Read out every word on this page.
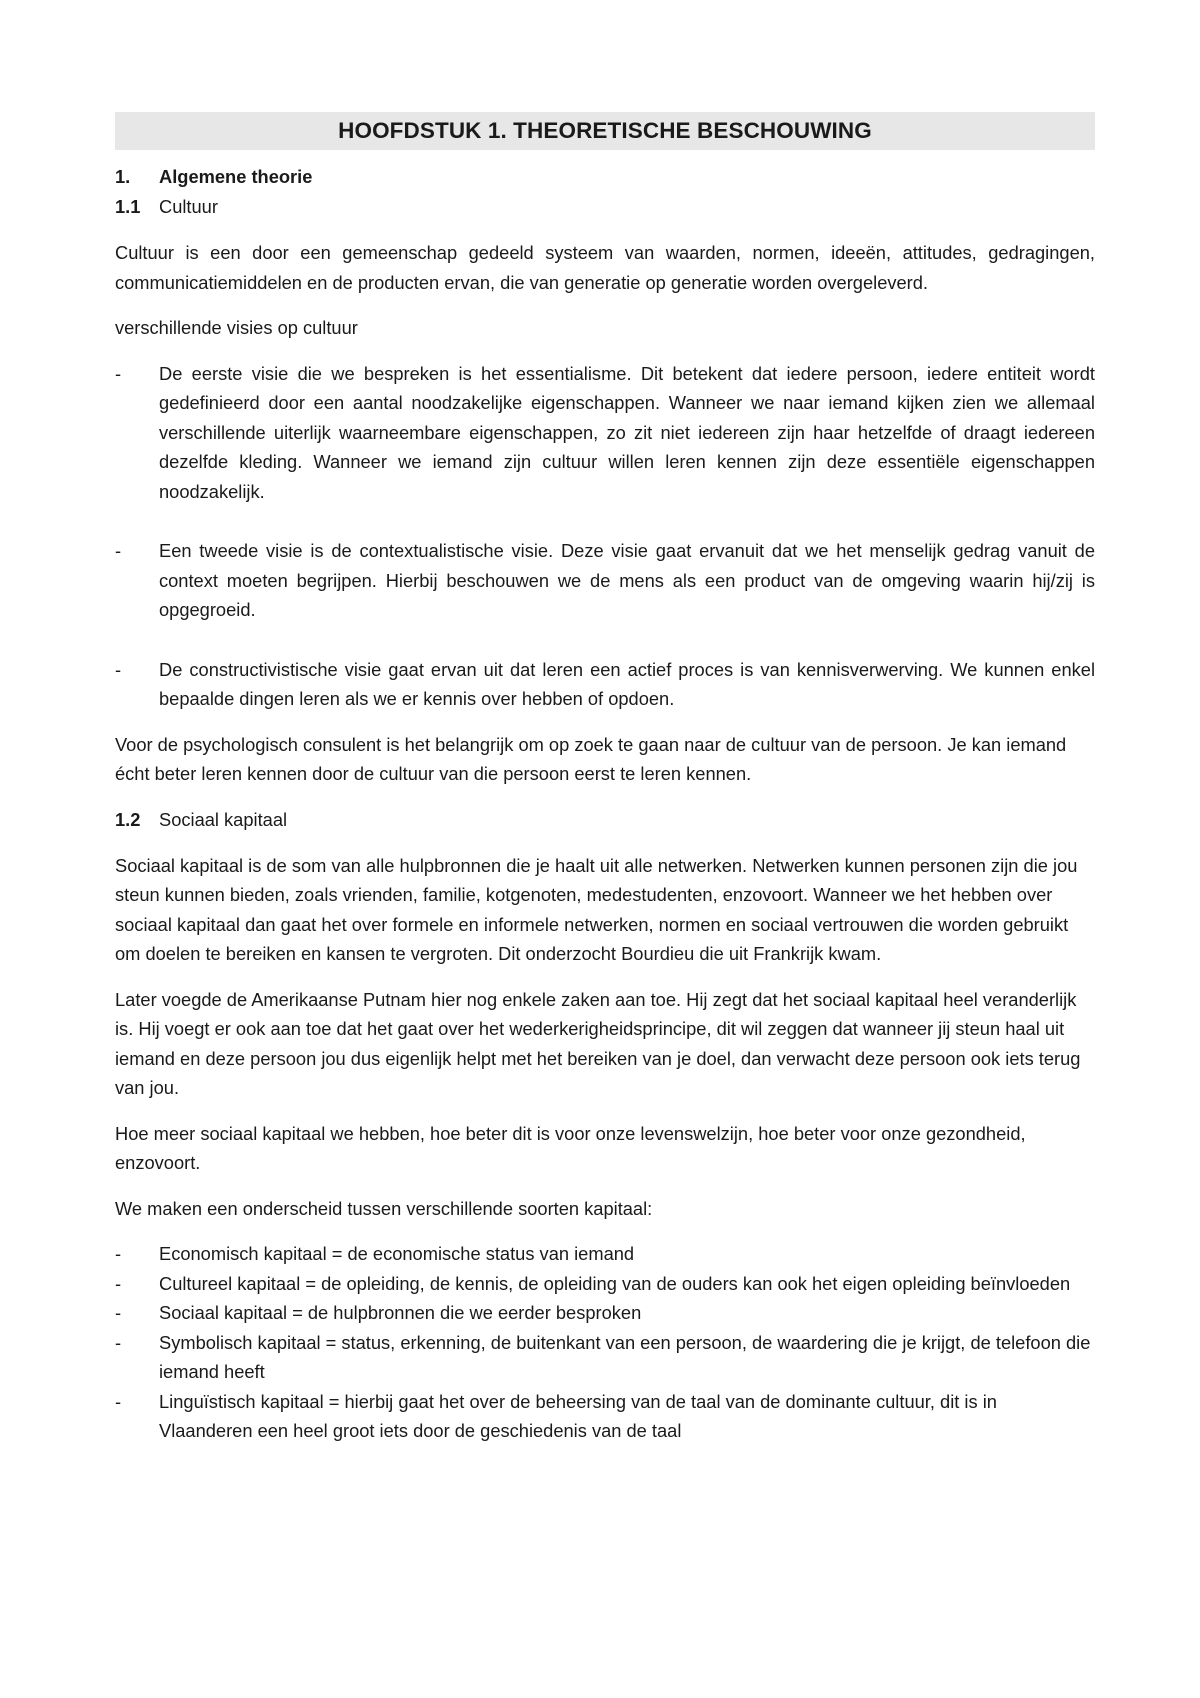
HOOFDSTUK 1. THEORETISCHE BESCHOUWING
1. Algemene theorie
1.1 Cultuur

Cultuur is een door een gemeenschap gedeeld systeem van waarden, normen, ideeën, attitudes, gedragingen, communicatiemiddelen en de producten ervan, die van generatie op generatie worden overgeleverd.

verschillende visies op cultuur

- De eerste visie die we bespreken is het essentialisme. Dit betekent dat iedere persoon, iedere entiteit wordt gedefinieerd door een aantal noodzakelijke eigenschappen. Wanneer we naar iemand kijken zien we allemaal verschillende uiterlijk waarneembare eigenschappen, zo zit niet iedereen zijn haar hetzelfde of draagt iedereen dezelfde kleding. Wanneer we iemand zijn cultuur willen leren kennen zijn deze essentiële eigenschappen noodzakelijk.
- Een tweede visie is de contextualistische visie. Deze visie gaat ervanuit dat we het menselijk gedrag vanuit de context moeten begrijpen. Hierbij beschouwen we de mens als een product van de omgeving waarin hij/zij is opgegroeid.
- De constructivistische visie gaat ervan uit dat leren een actief proces is van kennisverwerving. We kunnen enkel bepaalde dingen leren als we er kennis over hebben of opdoen.

Voor de psychologisch consulent is het belangrijk om op zoek te gaan naar de cultuur van de persoon. Je kan iemand écht beter leren kennen door de cultuur van die persoon eerst te leren kennen.

1.2 Sociaal kapitaal

Sociaal kapitaal is de som van alle hulpbronnen die je haalt uit alle netwerken. Netwerken kunnen personen zijn die jou steun kunnen bieden, zoals vrienden, familie, kotgenoten, medestudenten, enzovoort. Wanneer we het hebben over sociaal kapitaal dan gaat het over formele en informele netwerken, normen en sociaal vertrouwen die worden gebruikt om doelen te bereiken en kansen te vergroten. Dit onderzocht Bourdieu die uit Frankrijk kwam.

Later voegde de Amerikaanse Putnam hier nog enkele zaken aan toe. Hij zegt dat het sociaal kapitaal heel veranderlijk is. Hij voegt er ook aan toe dat het gaat over het wederkerigheidsprincipe, dit wil zeggen dat wanneer jij steun haal uit iemand en deze persoon jou dus eigenlijk helpt met het bereiken van je doel, dan verwacht deze persoon ook iets terug van jou.

Hoe meer sociaal kapitaal we hebben, hoe beter dit is voor onze levenswelzijn, hoe beter voor onze gezondheid, enzovoort.

We maken een onderscheid tussen verschillende soorten kapitaal:

- Economisch kapitaal = de economische status van iemand
- Cultureel kapitaal = de opleiding, de kennis, de opleiding van de ouders kan ook het eigen opleiding beïnvloeden
- Sociaal kapitaal = de hulpbronnen die we eerder besproken
- Symbolisch kapitaal = status, erkenning, de buitenkant van een persoon, de waardering die je krijgt, de telefoon die iemand heeft
- Linguïstisch kapitaal = hierbij gaat het over de beheersing van de taal van de dominante cultuur, dit is in Vlaanderen een heel groot iets door de geschiedenis van de taal
